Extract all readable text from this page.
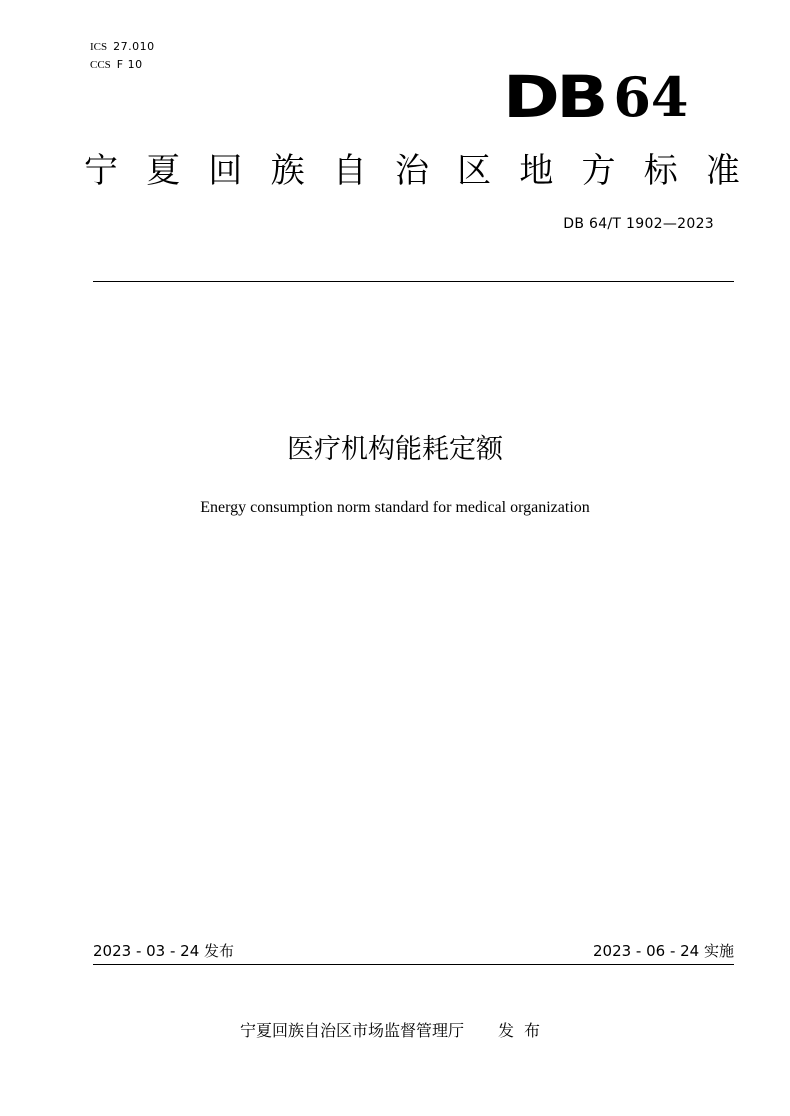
ICS 27.010
CCS F 10	DB 64
宁 夏 回 族 自 治 区 地 方 标 准
DB 64/T 1902—2023
医疗机构能耗定额
Energy consumption norm standard for medical organization
2023 - 03 - 24 发布	2023 - 06 - 24 实施
宁夏回族自治区市场监督管理厅 发布
